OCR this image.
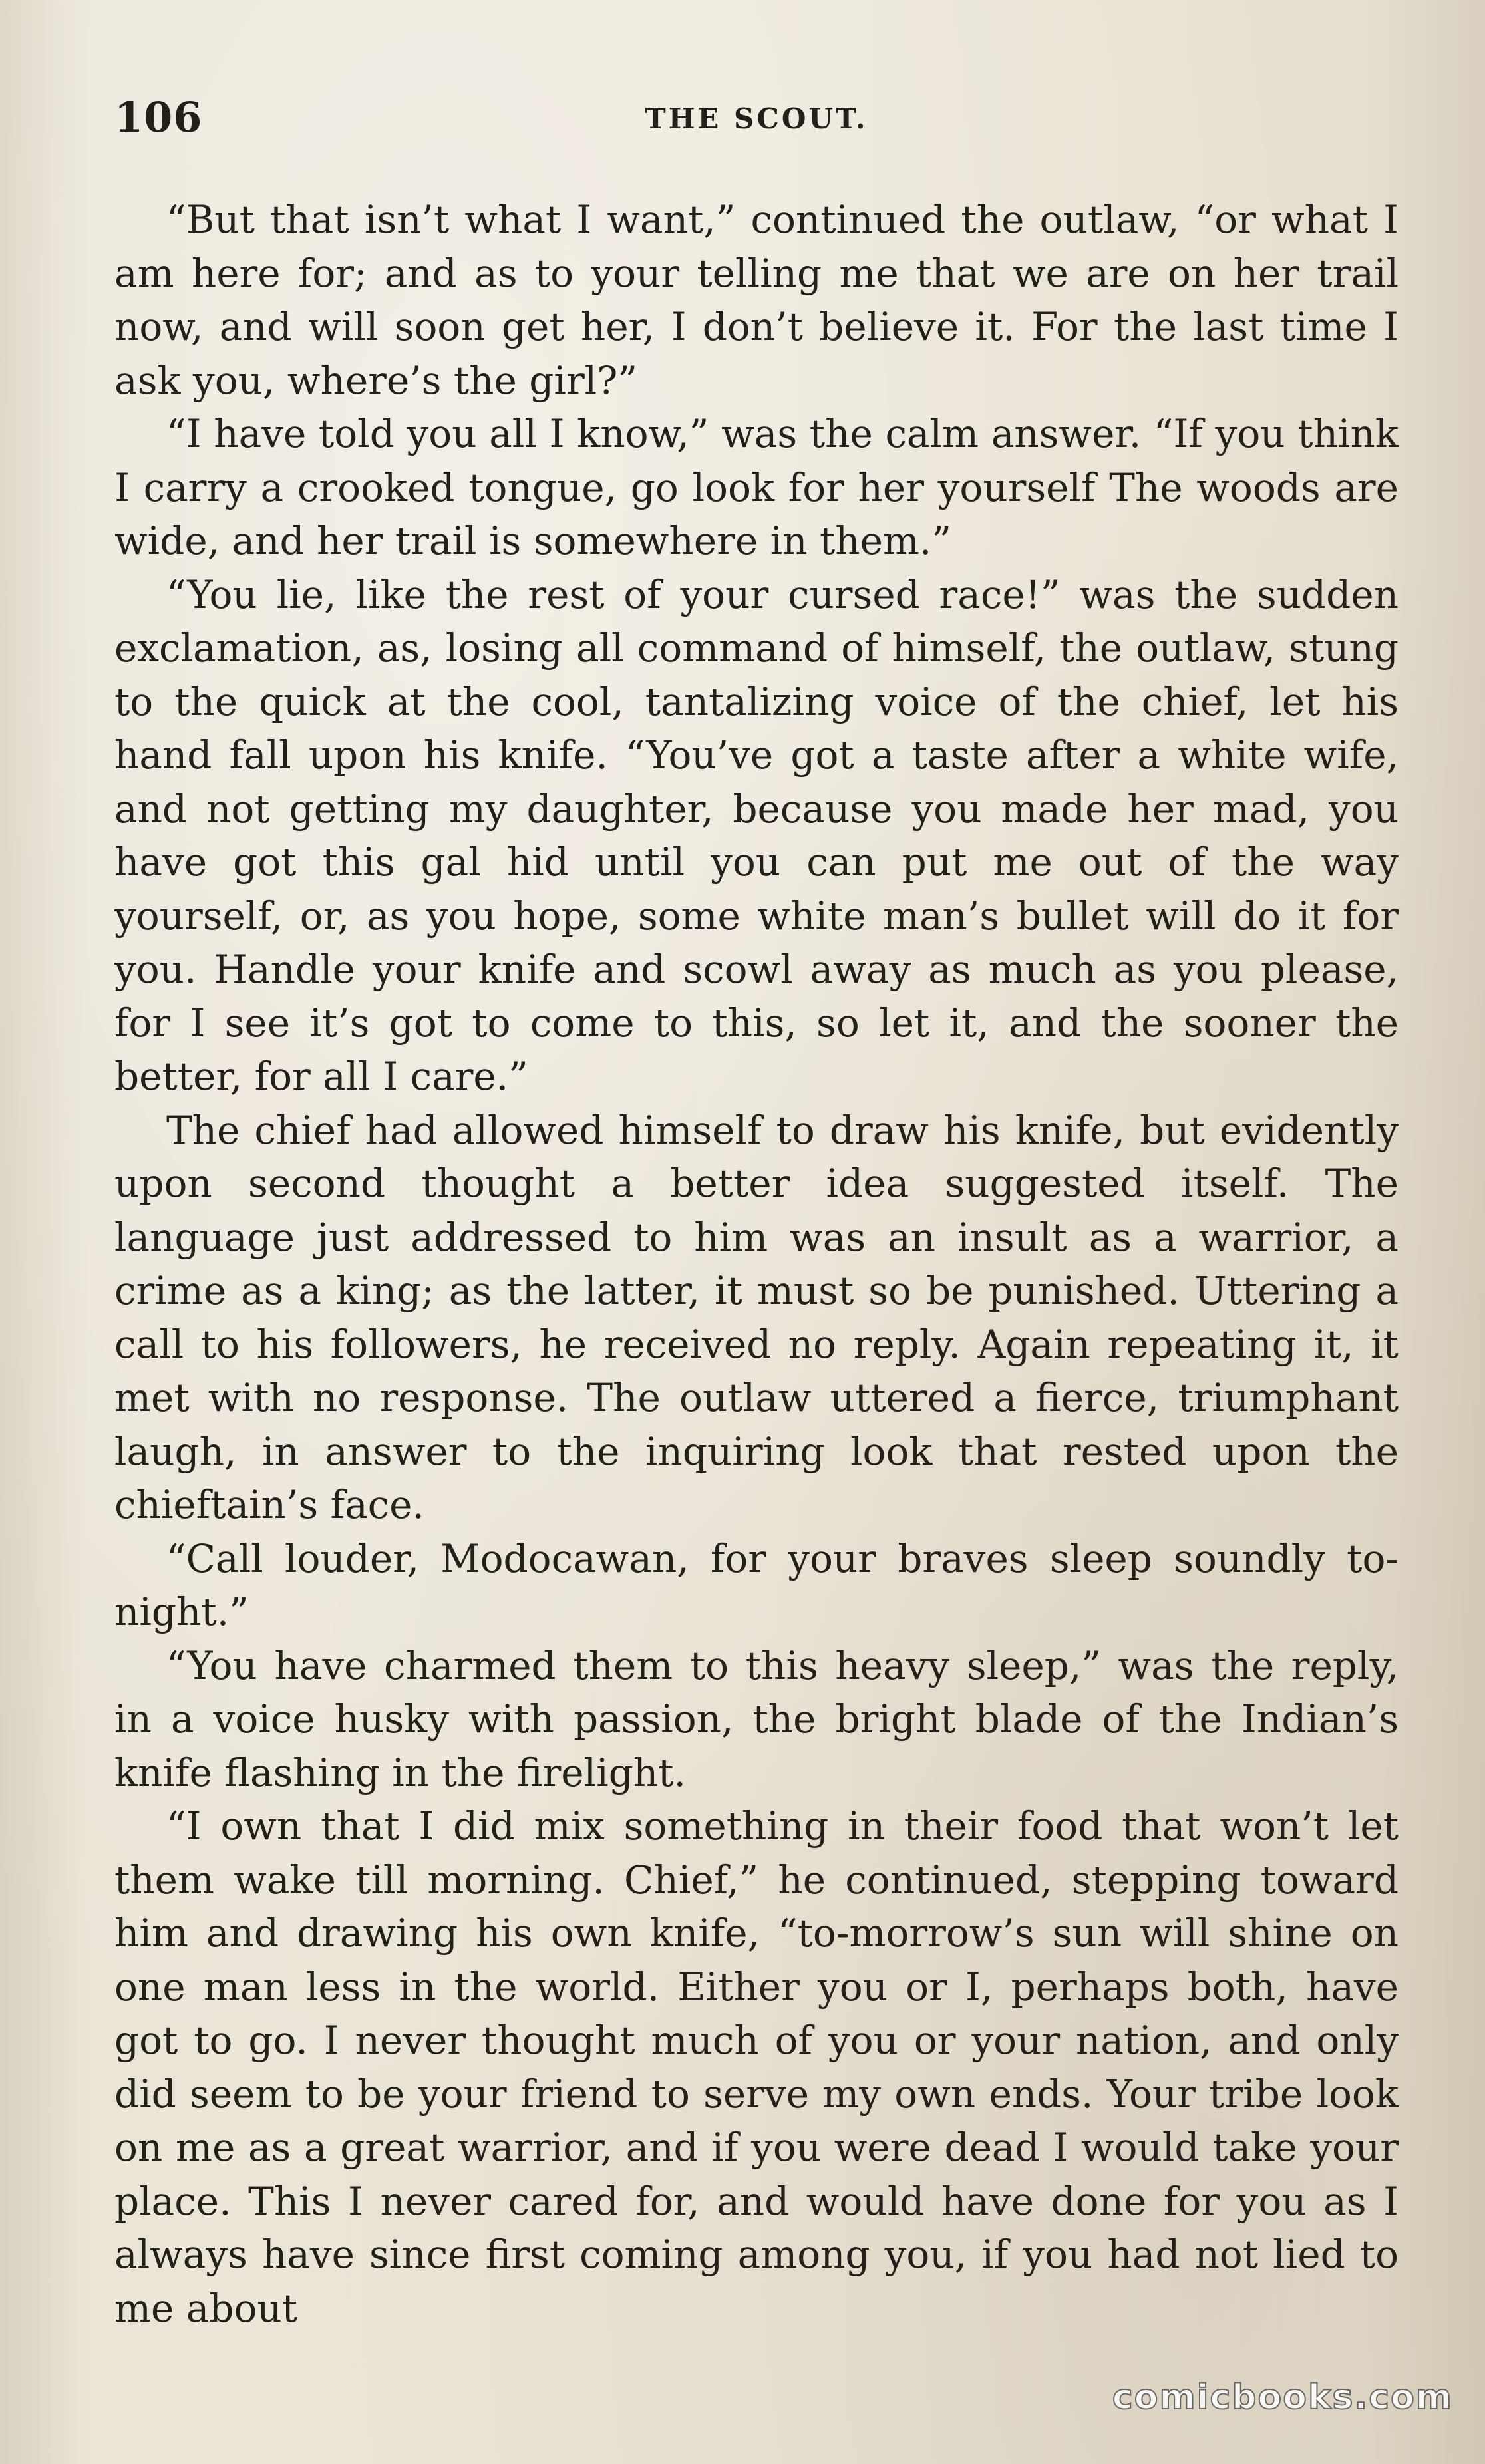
106	THE SCOUT.

“But that isn’t what I want,” continued the outlaw, “or what I am here for; and as to your telling me that we are on her trail now, and will soon get her, I don’t believe it. For the last time I ask you, where’s the girl?”

“I have told you all I know,” was the calm answer. “If you think I carry a crooked tongue, go look for her yourself The woods are wide, and her trail is somewhere in them.”

“You lie, like the rest of your cursed race!” was the sudden exclamation, as, losing all command of himself, the outlaw, stung to the quick at the cool, tantalizing voice of the chief, let his hand fall upon his knife. “You’ve got a taste after a white wife, and not getting my daughter, because you made her mad, you have got this gal hid until you can put me out of the way yourself, or, as you hope, some white man’s bullet will do it for you. Handle your knife and scowl away as much as you please, for I see it’s got to come to this, so let it, and the sooner the better, for all I care.”

The chief had allowed himself to draw his knife, but evidently upon second thought a better idea suggested itself. The language just addressed to him was an insult as a warrior, a crime as a king; as the latter, it must so be punished. Uttering a call to his followers, he received no reply. Again repeating it, it met with no response. The outlaw uttered a fierce, triumphant laugh, in answer to the inquiring look that rested upon the chieftain’s face.

“Call louder, Modocawan, for your braves sleep soundly to-night.”

“You have charmed them to this heavy sleep,” was the reply, in a voice husky with passion, the bright blade of the Indian’s knife flashing in the firelight.

“I own that I did mix something in their food that won’t let them wake till morning. Chief,” he continued, stepping toward him and drawing his own knife, “to-morrow’s sun will shine on one man less in the world. Either you or I, perhaps both, have got to go. I never thought much of you or your nation, and only did seem to be your friend to serve my own ends. Your tribe look on me as a great warrior, and if you were dead I would take your place. This I never cared for, and would have done for you as I always have since first coming among you, if you had not lied to me about

comicbooks.com
